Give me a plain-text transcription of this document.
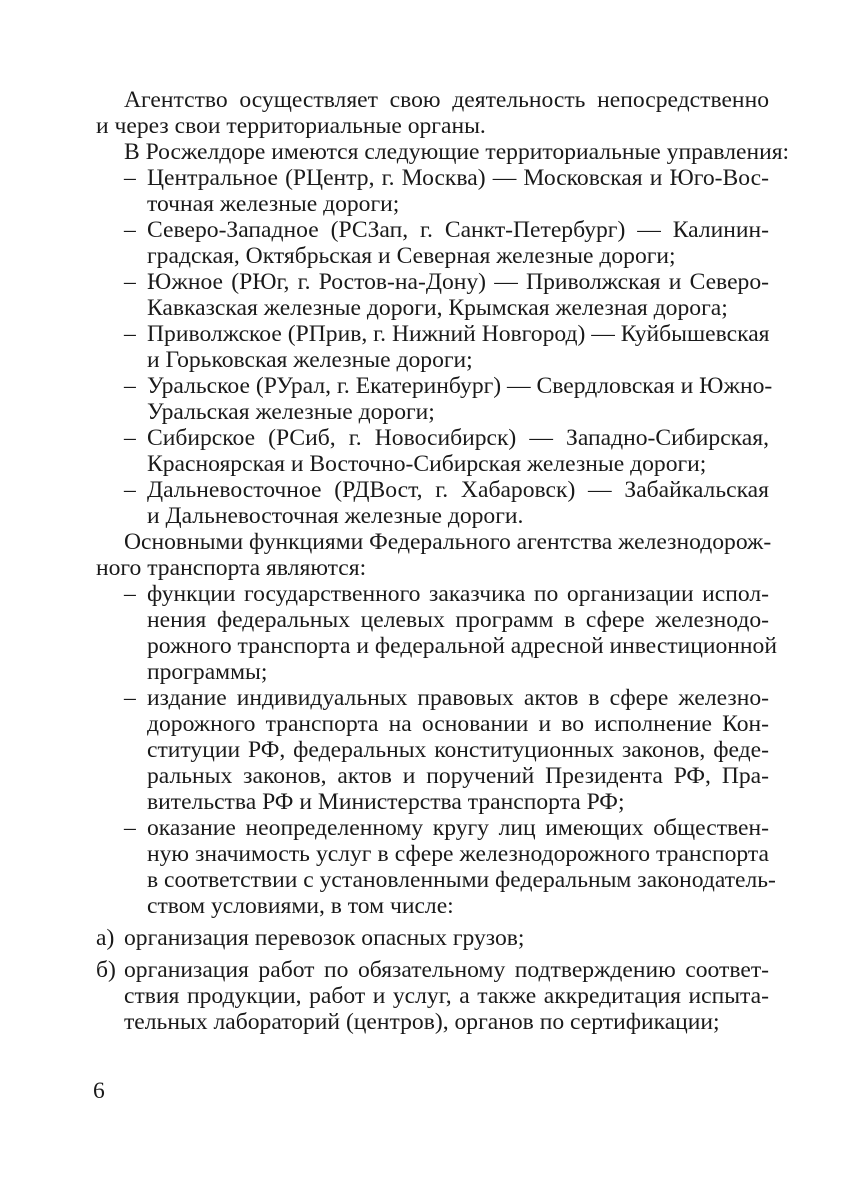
Агентство осуществляет свою деятельность непосредственно
и через свои территориальные органы.
В Росжелдоре имеются следующие территориальные управления:
– Центральное (РЦентр, г. Москва) — Московская и Юго-Вос-
точная железные дороги;
– Северо-Западное (РСЗап, г. Санкт-Петербург) — Калинин-
градская, Октябрьская и Северная железные дороги;
– Южное (РЮг, г. Ростов-на-Дону) — Приволжская и Северо-
Кавказская железные дороги, Крымская железная дорога;
– Приволжское (РПрив, г. Нижний Новгород) — Куйбышевская
и Горьковская железные дороги;
– Уральское (РУрал, г. Екатеринбург) — Свердловская и Южно-
Уральская железные дороги;
– Сибирское (РСиб, г. Новосибирск) — Западно-Сибирская,
Красноярская и Восточно-Сибирская железные дороги;
– Дальневосточное (РДВост, г. Хабаровск) — Забайкальская
и Дальневосточная железные дороги.
Основными функциями Федерального агентства железнодорож-
ного транспорта являются:
– функции государственного заказчика по организации испол-
нения федеральных целевых программ в сфере железнодо-
рожного транспорта и федеральной адресной инвестиционной
программы;
– издание индивидуальных правовых актов в сфере железно-
дорожного транспорта на основании и во исполнение Кон-
ституции РФ, федеральных конституционных законов, феде-
ральных законов, актов и поручений Президента РФ, Пра-
вительства РФ и Министерства транспорта РФ;
– оказание неопределенному кругу лиц имеющих обществен-
ную значимость услуг в сфере железнодорожного транспорта
в соответствии с установленными федеральным законодатель-
ством условиями, в том числе:
а) организация перевозок опасных грузов;
б) организация работ по обязательному подтверждению соответ-
ствия продукции, работ и услуг, а также аккредитация испыта-
тельных лабораторий (центров), органов по сертификации;
6
